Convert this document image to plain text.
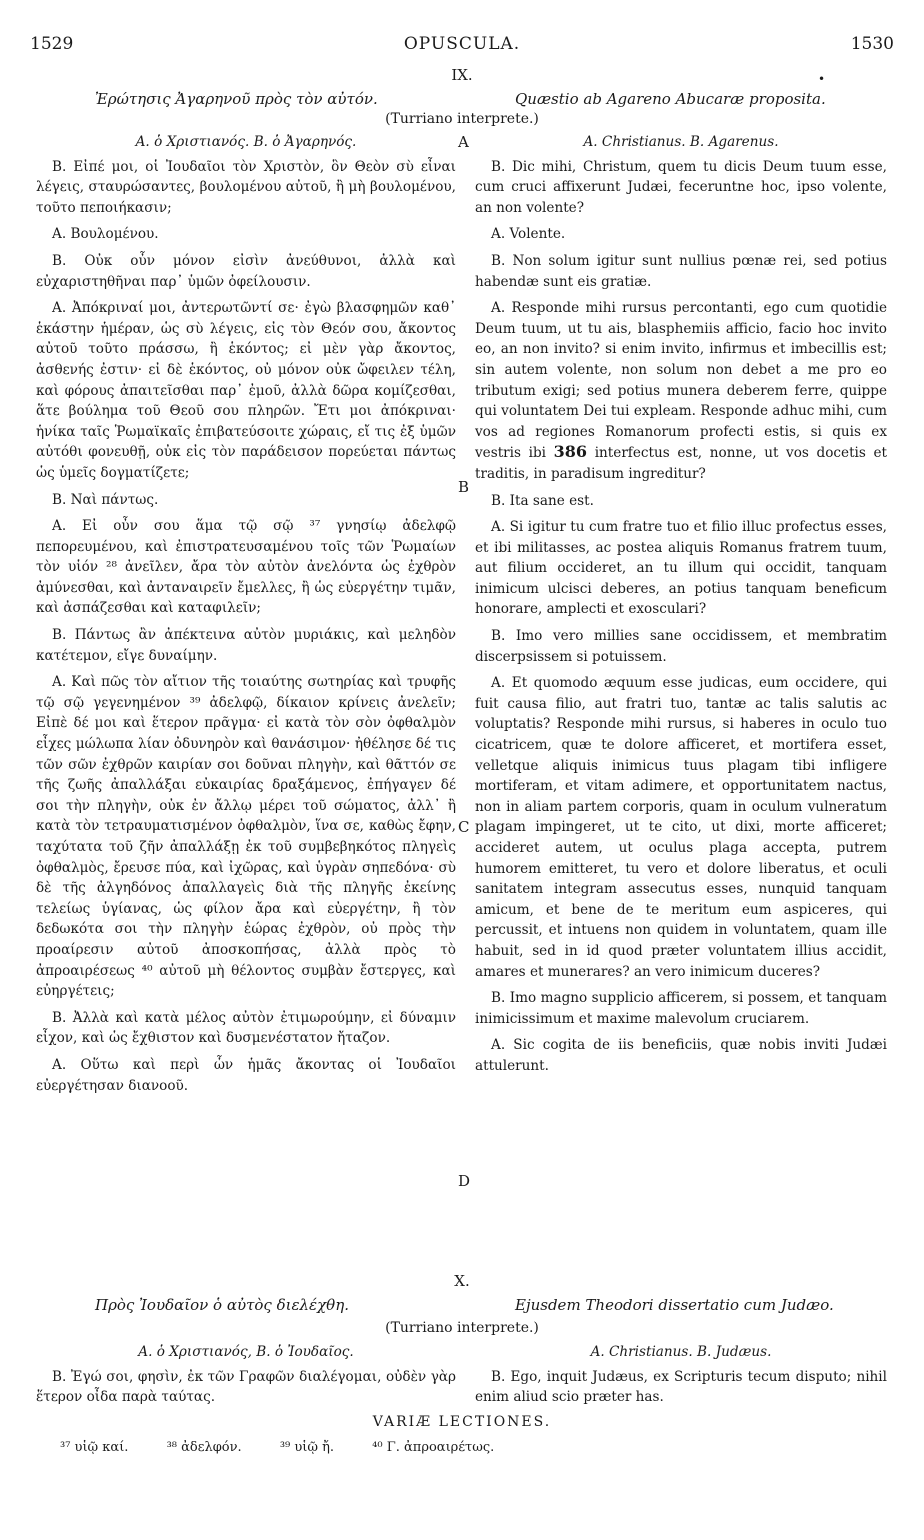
1529	OPUSCULA.	1530
•
IX.
Ἐρώτησις Ἀγαρηνοῦ πρὸς τὸν αὐτόν.	Quæstio ab Agareno Abucaræ proposita.
(Turriano interprete.)

Α. ὁ Χριστιανός. Β. ὁ Ἀγαρηνός.

Β. Εἰπέ μοι, οἱ Ἰουδαῖοι τὸν Χριστὸν, ὃν Θεὸν σὺ εἶναι λέγεις, σταυρώσαντες, βουλομένου αὐτοῦ, ἢ μὴ βουλομένου, τοῦτο πεποιήκασιν;

Α. Βουλομένου.

Β. Οὐκ οὖν μόνον εἰσὶν ἀνεύθυνοι, ἀλλὰ καὶ εὐχαριστηθῆναι παρ᾽ ὑμῶν ὀφείλουσιν.

Α. Ἀπόκριναί μοι, ἀντερωτῶντί σε· ἐγὼ βλασφημῶν καθ᾽ ἑκάστην ἡμέραν, ὡς σὺ λέγεις, εἰς τὸν Θεόν σου, ἄκοντος αὐτοῦ τοῦτο πράσσω, ἢ ἑκόντος; εἰ μὲν γὰρ ἄκοντος, ἀσθενής ἐστιν· εἰ δὲ ἑκόντος, οὐ μόνον οὐκ ὤφειλεν τέλη, καὶ φόρους ἀπαιτεῖσθαι παρ᾽ ἐμοῦ, ἀλλὰ δῶρα κομίζεσθαι, ἅτε βούλημα τοῦ Θεοῦ σου πληρῶν. Ἔτι μοι ἀπόκριναι· ἡνίκα ταῖς Ῥωμαϊκαῖς ἐπιβατεύσοιτε χώραις, εἴ τις ἐξ ὑμῶν αὐτόθι φονευθῇ, οὐκ εἰς τὸν παράδεισον πορεύεται πάντως ὡς ὑμεῖς δογματίζετε;

Β. Ναὶ πάντως.

Α. Εἰ οὖν σου ἅμα τῷ σῷ ³⁷ γνησίῳ ἀδελφῷ πεπορευμένου, καὶ ἐπιστρατευσαμένου τοῖς τῶν Ῥωμαίων τὸν υἱόν ²⁸ ἀνεῖλεν, ἄρα τὸν αὐτὸν ἀνελόντα ὡς ἐχθρὸν ἀμύνεσθαι, καὶ ἀνταναιρεῖν ἔμελλες, ἢ ὡς εὐεργέτην τιμᾶν, καὶ ἀσπάζεσθαι καὶ καταφιλεῖν;

Β. Πάντως ἂν ἀπέκτεινα αὐτὸν μυριάκις, καὶ μεληδὸν κατέτεμον, εἴγε δυναίμην.

Α. Καὶ πῶς τὸν αἴτιον τῆς τοιαύτης σωτηρίας καὶ τρυφῆς τῷ σῷ γεγενημένον ³⁹ ἀδελφῷ, δίκαιον κρίνεις ἀνελεῖν; Εἰπὲ δέ μοι καὶ ἕτερον πρᾶγμα· εἰ κατὰ τὸν σὸν ὀφθαλμὸν εἶχες μώλωπα λίαν ὀδυνηρὸν καὶ θανάσιμον· ἠθέλησε δέ τις τῶν σῶν ἐχθρῶν καιρίαν σοι δοῦναι πληγὴν, καὶ θᾶττόν σε τῆς ζωῆς ἀπαλλάξαι εὐκαιρίας δραξάμενος, ἐπήγαγεν δέ σοι τὴν πληγὴν, οὐκ ἐν ἄλλῳ μέρει τοῦ σώματος, ἀλλ᾽ ἢ κατὰ τὸν τετραυματισμένον ὀφθαλμὸν, ἵνα σε, καθὼς ἔφην, ταχύτατα τοῦ ζῆν ἀπαλλάξῃ ἐκ τοῦ συμβεβηκότος πληγεὶς ὀφθαλμὸς, ἔρευσε πύα, καὶ ἰχῶρας, καὶ ὑγρὰν σηπεδόνα· σὺ δὲ τῆς ἀλγηδόνος ἀπαλλαγεὶς διὰ τῆς πληγῆς ἐκείνης τελείως ὑγίανας, ὡς φίλον ἄρα καὶ εὐεργέτην, ἢ τὸν δεδωκότα σοι τὴν πληγὴν ἑώρας ἐχθρὸν, οὐ πρὸς τὴν προαίρεσιν αὐτοῦ ἀποσκοπήσας, ἀλλὰ πρὸς τὸ ἀπροαιρέσεως ⁴⁰ αὐτοῦ μὴ θέλοντος συμβὰν ἔστεργες, καὶ εὐηργέτεις;

Β. Ἀλλὰ καὶ κατὰ μέλος αὐτὸν ἐτιμωρούμην, εἰ δύναμιν εἶχον, καὶ ὡς ἔχθιστον καὶ δυσμενέστατον ἤταζον.

Α. Οὕτω καὶ περὶ ὧν ἡμᾶς ἄκοντας οἱ Ἰουδαῖοι εὐεργέτησαν διανοοῦ.

A. Christianus. B. Agarenus.

B. Dic mihi, Christum, quem tu dicis Deum tuum esse, cum cruci affixerunt Judæi, feceruntne hoc, ipso volente, an non volente?

A. Volente.

B. Non solum igitur sunt nullius pœnæ rei, sed potius habendæ sunt eis gratiæ.

A. Responde mihi rursus percontanti, ego cum quotidie Deum tuum, ut tu ais, blasphemiis afficio, facio hoc invito eo, an non invito? si enim invito, infirmus et imbecillis est; sin autem volente, non solum non debet a me pro eo tributum exigi; sed potius munera deberem ferre, quippe qui voluntatem Dei tui expleam. Responde adhuc mihi, cum vos ad regiones Romanorum profecti estis, si quis ex vestris ibi 386 interfectus est, nonne, ut vos docetis et traditis, in paradisum ingreditur?

B. Ita sane est.

A. Si igitur tu cum fratre tuo et filio illuc profectus esses, et ibi militasses, ac postea aliquis Romanus fratrem tuum, aut filium occideret, an tu illum qui occidit, tanquam inimicum ulcisci deberes, an potius tanquam beneficum honorare, amplecti et exosculari?

B. Imo vero millies sane occidissem, et membratim discerpsissem si potuissem.

A. Et quomodo æquum esse judicas, eum occidere, qui fuit causa filio, aut fratri tuo, tantæ ac talis salutis ac voluptatis? Responde mihi rursus, si haberes in oculo tuo cicatricem, quæ te dolore afficeret, et mortifera esset, velletque aliquis inimicus tuus plagam tibi infligere mortiferam, et vitam adimere, et opportunitatem nactus, non in aliam partem corporis, quam in oculum vulneratum plagam impingeret, ut te cito, ut dixi, morte afficeret; accideret autem, ut oculus plaga accepta, putrem humorem emitteret, tu vero et dolore liberatus, et oculi sanitatem integram assecutus esses, nunquid tanquam amicum, et bene de te meritum eum aspiceres, qui percussit, et intuens non quidem in voluntatem, quam ille habuit, sed in id quod præter voluntatem illius accidit, amares et munerares? an vero inimicum duceres?

B. Imo magno supplicio afficerem, si possem, et tanquam inimicissimum et maxime malevolum cruciarem.

A. Sic cogita de iis beneficiis, quæ nobis inviti Judæi attulerunt.

A
B
C
D
X.
Πρὸς Ἰουδαῖον ὁ αὐτὸς διελέχθη.	Ejusdem Theodori dissertatio cum Judæo.
(Turriano interprete.)

Α. ὁ Χριστιανός, Β. ὁ Ἰουδαῖος.

Β. Ἐγώ σοι, φησὶν, ἐκ τῶν Γραφῶν διαλέγομαι, οὐδὲν γὰρ ἕτερον οἶδα παρὰ ταύτας.

A. Christianus. B. Judæus.

B. Ego, inquit Judæus, ex Scripturis tecum disputo; nihil enim aliud scio præter has.

VARIÆ LECTIONES.
³⁷ υἱῷ καί.	³⁸ ἀδελφόν.	³⁹ υἱῷ ἤ.	⁴⁰ Γ. ἀπροαιρέτως.
